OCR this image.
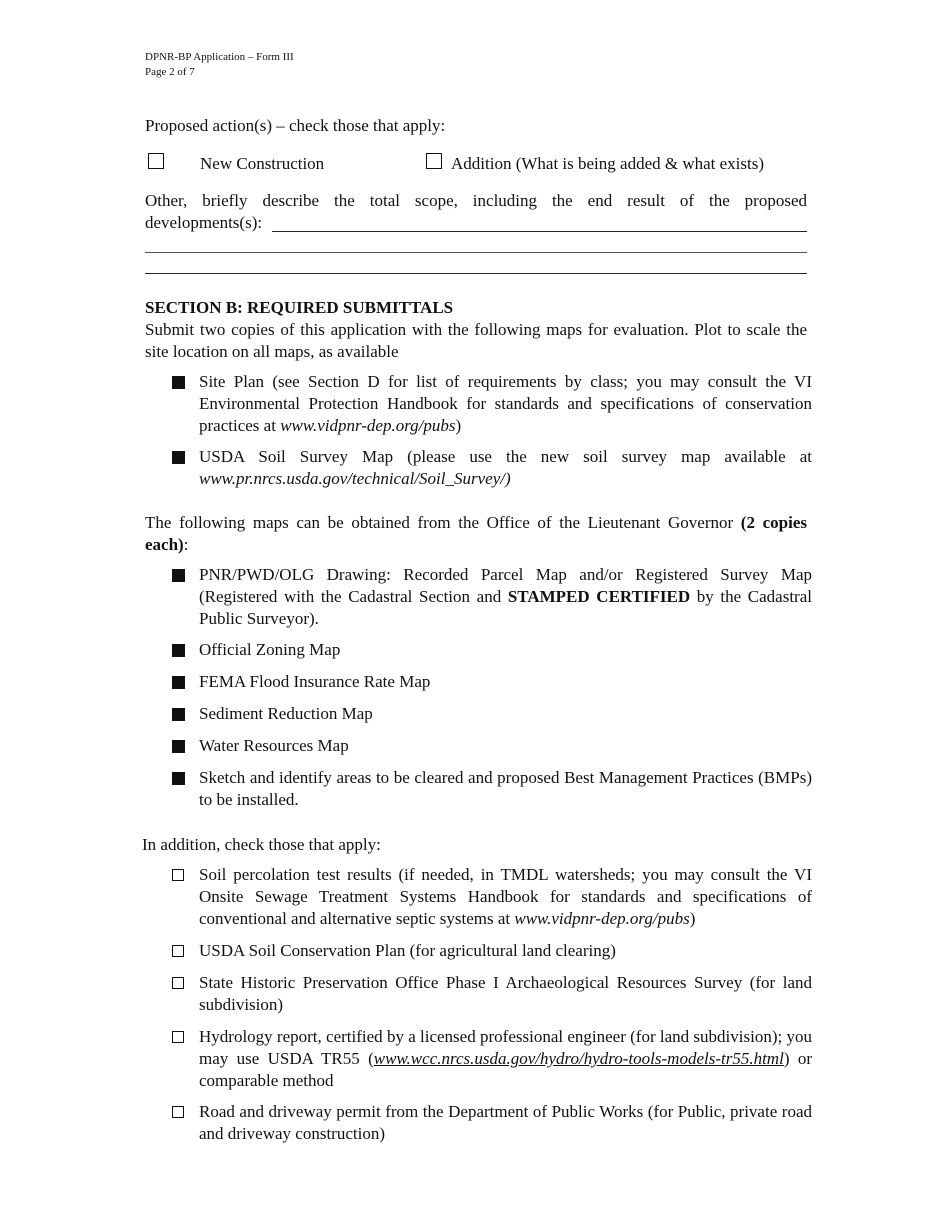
DPNR-BP Application – Form III
Page 2 of 7
Proposed action(s) – check those that apply:
New Construction	Addition (What is being added & what exists)
Other, briefly describe the total scope, including the end result of the proposed
developments(s):
SECTION B: REQUIRED SUBMITTALS
Submit two copies of this application with the following maps for evaluation. Plot to scale the site location on all maps, as available
Site Plan (see Section D for list of requirements by class; you may consult the VI Environmental Protection Handbook for standards and specifications of conservation practices at www.vidpnr-dep.org/pubs)
USDA Soil Survey Map (please use the new soil survey map available at www.pr.nrcs.usda.gov/technical/Soil_Survey/)
The following maps can be obtained from the Office of the Lieutenant Governor (2 copies each):
PNR/PWD/OLG Drawing: Recorded Parcel Map and/or Registered Survey Map (Registered with the Cadastral Section and STAMPED CERTIFIED by the Cadastral Public Surveyor).
Official Zoning Map
FEMA Flood Insurance Rate Map
Sediment Reduction Map
Water Resources Map
Sketch and identify areas to be cleared and proposed Best Management Practices (BMPs) to be installed.
In addition, check those that apply:
Soil percolation test results (if needed, in TMDL watersheds; you may consult the VI Onsite Sewage Treatment Systems Handbook for standards and specifications of conventional and alternative septic systems at www.vidpnr-dep.org/pubs)
USDA Soil Conservation Plan (for agricultural land clearing)
State Historic Preservation Office Phase I Archaeological Resources Survey (for land subdivision)
Hydrology report, certified by a licensed professional engineer (for land subdivision); you may use USDA TR55 (www.wcc.nrcs.usda.gov/hydro/hydro-tools-models-tr55.html) or comparable method
Road and driveway permit from the Department of Public Works (for Public, private road and driveway construction)
